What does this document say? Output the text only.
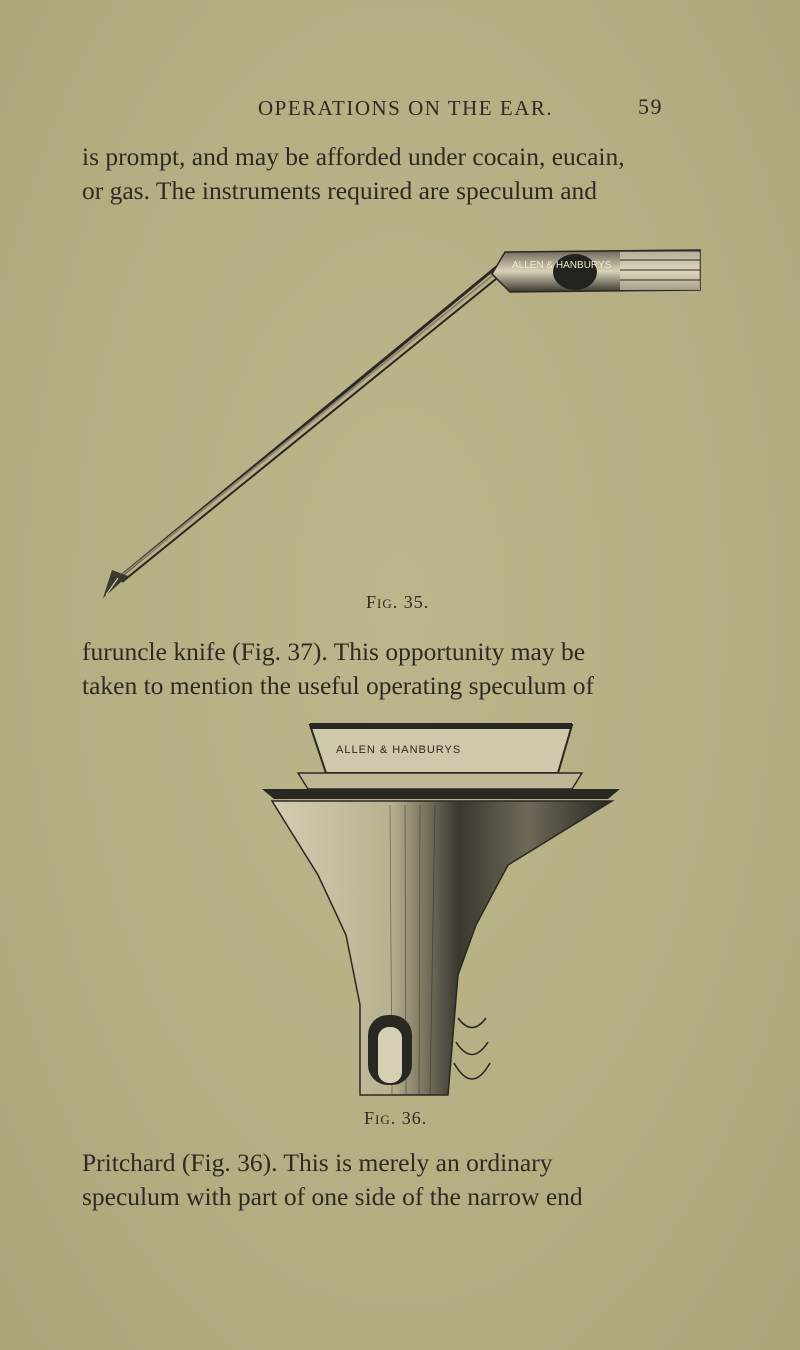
OPERATIONS ON THE EAR.	59

is prompt, and may be afforded under cocain, eucain,

or gas. The instruments required are speculum and

ALLEN & HANBURYS
Fig. 35.

furuncle knife (Fig. 37). This opportunity may be

taken to mention the useful operating speculum of

ALLEN & HANBURYS
Fig. 36.

Pritchard (Fig. 36). This is merely an ordinary

speculum with part of one side of the narrow end
